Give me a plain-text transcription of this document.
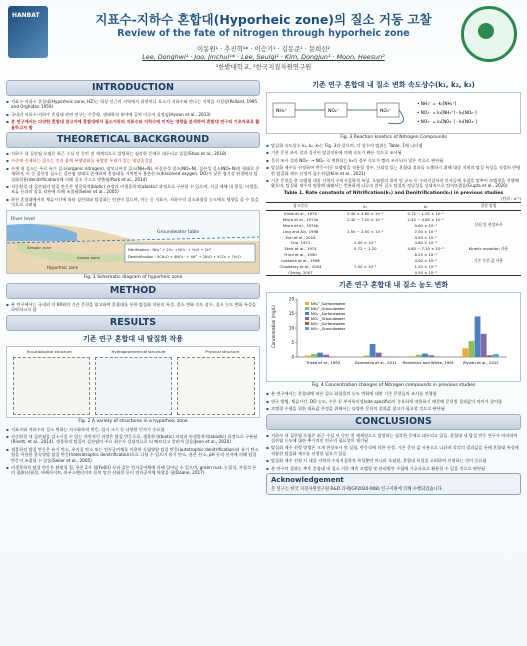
HANBAT	지표수-지하수 혼합대(Hyporheic zone)의 질소 거동 고찰
Review of the fate of nitrogen through hyporheic zone
이동원¹ · 추진혁¹* · 이승기¹ · 김동준¹ · 문희선²
Lee, Donghwi¹ · Joo, Jinchul¹* · Lee, Seulgi¹ · Kim, Dongjun¹ · Moon, Heesun²
¹한밭대학교, ²한국지질자원연구원
INTRODUCTION
▪ 지표수-지하수 혼합대(Hyporheic zone, HZ)는 하상 인근의 지역에서 하천이나 호소가 지하수와 만나는 지역을 지칭함(Pollard, 1995 and Orghidan 1959)
▪ 국내의 지표수-지하수 혼합대 관련 연구는 수문학, 생태학적 분야에 걸쳐 이루어 실정임(Hyeon et al., 2013)
▪ 본 연구에서는 다양한 혼합대 참고자에 혼합대에서 질소거동의 지표수와 지하수에 미치는 영향을 분석하여 혼합대 연구의 기초자료로 활용하고자 함
THEORETICAL BACKGROUND
▪ 지하수 내 질산염 오염은 최근 수십 년 동안 전 세계적으로 발생하는 심각한 문제로 대두되고 있음(Shao et al., 2018)
▪ 수중에 존재하는 질소는 인과 함께 부영양화를 유발할 우려가 있는 영양물질임
▪ 수계 내 질소는 주로 유기 질소(organic nitrogen), 암모니아성 질소(NH₄-N), 아질산성 질소(NO₂-N), 질산성 질소(NO₃-N)의 형태로 존재하며, 이 중 질산성 질소는 질산염 형태로 존재하며 혼합대를 거치면서 용존산소(dissolved oxygen, DO)가 낮은 혐기성 환경에서 탈질화작용(denitrification)에 의해 질소 가스로 방출됨(Park et al., 2014)
▪ 지중환경 내 질산염의 탈질 반응은 생물학적(biotic) 과정과 비생물학적(abiotic) 과정으로 구분할 수 있으며, 지질 매체 내 광물, 미생물, 조류 등과의 상호 작용에 의해 조절됨(Seiler et al., 2005)
▪ 하천 혼합대에서의 체류시간에 따라 질산화와 탈질화는 연관이 있으며, 이는 곧 지표수, 지하수의 질소화합물 농도에도 영향을 줄 수 있을 것으로 고려됨
River level
Groundwater table
Aerobic zone
Anoxic zone
Hyporheic zone
Nitrification : NH₄⁺ + 2O₂ → NO₃⁻ + H₂O + 2H⁺
Denitrification : 5CH₂O + 4NO₃⁻ + 4H⁺ → 2N₂O + 5CO₂ + 7H₂O
Fig. 1 Schematic diagram of hyporheic zone
METHOD
▪ 본 연구에서는 국내외 약 60편의 기존 문헌을 참고하여 혼합대를 통한 탈질화 작용의 특성, 질소 변화 속도 상수, 질소 농도 변화 특성을 파악하고자 함
RESULTS
기존 연구 혼합대 내 탈질화 작용
Eco-biological structure	Hydrogeochemical structure	Physical structure
Fig. 2 A variety of structures in a hyporheic zone
▪ 지표수와 지하수의 질소 변화는 지구화학적 반응, 입자 크기 등 다양한 인자가 중요함
▪ 자중환경 내 질산염을 감소시킬 수 있는 자연적인 과정은 탈질 반응으로, 생물학적(biotic) 과정과 비생물학적(abiotic) 과정으로 구분됨(Rivett, et al., 2014). 생물학적 탈질이 질산염의 주요 최수가 상대적으로 더 빠르다고 알려져 있음(Jeon et al., 2020)
▪ 생물학적 탈질 반응은 유기 탄소, 무기질 탄소 또는 전자공여체를 이용한 독립영양 탈질 반응(autotrophic denitrification)과 유기 탄소원을 이용한 종속영양 탈질 반응(heterotrophic denitrification)으로 나뉠 수 있으며 유기 탄소, 용존 산소, pH 등의 인자에 의해 탈질 반응이 조절될 수 있음(Seiler et al., 2005)
▪ 비생물학적 탈질 반응은 환원성 철, 용존 2가 철(Fe(II)) 등과 같은 전자공여체에 의해 일어날 수 있으며, green rust, 능철석, 자철석 등의 철(II)산화물, 바레사이트, 마우스펜티이트 등의 망간 산화물 등이 전자공여체 역할을 함(Doane, 2017)
기존 연구 혼합대 내 질소 변화 속도상수(k₁, k₂, k₃)
NH₄⁺	NO₂⁻	NO₃⁻
• NH₄⁺ = -k₁[NH₄⁺]
• NO₂⁻ = k₁[NH₄⁺] - k₂[NO₂⁻]
• NO₃⁻ = k₂[NO₂⁻] - k₃[NO₃⁻]
Fig. 3 Reaction kinetics of Nitrogen Compounds
▪ 탈질화 속도상수 k₁, k₂, k₃는 Fig. 3과 같으며, 각 상수의 범위는 Table. 1에 나타냄
▪ 기존 문헌 조사 결과 질산이 탈질작용에 의해 속도가 빠른 것으로 조사됨
▪ 문헌 조사 결과 NO₃⁻ → NO₂⁻로 변환되는 k₃의 경우 속도가 빨라 조사되지 않은 것으로 판단됨
▪ 탈질화 제수를 선정하여 반응-이동 모델링을 적용할 경우, 신뢰성 있는 혼합대 결과를 도출하기 위해 대상 지역의 탈질 특성을 적절히 반영한 탈질화 제수 선정이 필수적임(Kim et al., 2021)
▪ 기존 문헌을 총 모델링 대상 지역의 수리지질학적 특성, 오염원의 위치 및 규모 등 수리지질학적 인자들에 초점을 맞추어 모델링을 진행해 왔으며, 탈질화 제수의 영향에 대해서는 충분하게 다루지 않아 질소 탈질의 정밀성을 상대적으로 떨어뜨렸음(Gupta et al., 2020)
Table 1. Rate constants of Nitrification(k₁) and Denitrification(k₂) in previous studies
(단위 : d⁻¹)
참고문헌	k₁	k₂	결정 방법
Kirda et al., 1974	2.40 × 4.80 × 10⁻²	0.72 ~ 1.92 × 10⁻¹	
Misra et al., 1974a	2.40 ~ 7.20 × 10⁻²	2.40 ~ 4.80 × 10⁻¹	
Misra et al., 1974b		9.60 × 10⁻¹	실험 및 현장조사
Ling and Aly, 1998	1.50 ~ 2.50 × 10⁻²	7.00 × 10⁻²	
Kuh et al., 2018		4.50 × 10⁻²	
Cho, 1971	2.40 × 10⁻¹	4.80 × 10⁻²	
Starr et al., 1974	0.72 ~ 1.20	4.80 ~ 7.20 × 10⁻⁴	Kinetic equation 사용
Frind et al., 1990		8.25 × 10⁻²	
Lassene et al., 1998		4.00 × 10⁻²	기존 문헌 값 사용
Chowdary et al., 2004	7.00 × 10⁻²	1.20 × 10⁻²	
Cheng, 2007		4.50 × 10⁻²	
기존 연구 혼합대 내 질소 농도 변화
0
5
10
15
20
Concentration (mg/L)
Triska et al., 1993	Zaramella et al., 2011 Hendricks and White, 1991 Ziyuan et al., 2012
NH₄⁺_Surfacewater
NH₄⁺_Groundwater
NO₃⁻_Surfacewater
NO₃⁻_Groundwater
NO₂⁻_Surfacewater
NO₂⁻_Groundwater
Fig. 4 Concentration changes of Nitrogen compounds in previous studies
▪ 본 연구에서는 혼합대에 따른 질소 화합물의 농도 변화에 대한 기존 문헌들의 조사를 진행함
▪ 연구 방법, 체류시간, DO 농도, 수온 등 부지특이성(site specific)이 중요하게 작용하기 때문에 문헌별 결과값이 차이가 상이함
▪ 모델링 수행을 위한 대표값 산정을 위해서는 다양한 문헌의 결과값 참고가 필요할 것으로 판단됨
CONCLUSIONS
▪ 지하수 내 질산염 오염은 최근 수십 년 동안 전 세계적으로 발생하는 심각한 문제로 대두되고 있음. 혼합대 내 탈질 반응 연구가 미비하여 질산염 농도에 대한 추가적인 연구의 필요성이 제기됨
▪ 탈질화 제수 선정 방법은 크게 현장조사 및 실험, 반응식에 의한 산정, 기존 문헌 값 사용으로 나뉘며 각각의 결과값을 통해 혼합대 특성에 적합한 탈질화 제수를 선정할 필요가 있음
▪ 탈질화 제수 선정 시 대상 지역의 수리지질학적 특성뿐만 아니라 오염원, 혼합대 특성을 고려하여 선정하는 것이 중요함
▪ 본 연구의 결과는 추후 혼합대 내 질소 거동 예측 모델링 및 관리방안 수립에 기초자료로 활용될 수 있을 것으로 판단됨
Acknowledgement
본 연구는 한국 지질자원연구원 R&D 과제(GP2020-008) 연구지원에 의해 수행되었습니다.
